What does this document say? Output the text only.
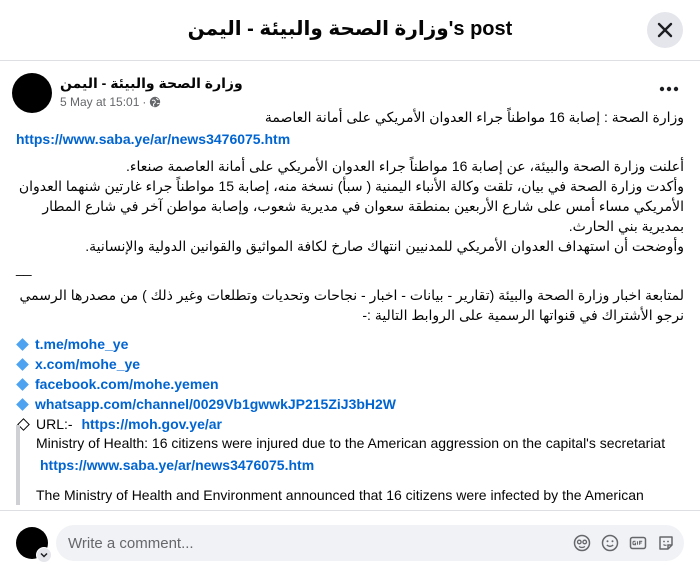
وزارة الصحة والبيئة - اليمن's post
وزارة الصحة والبيئة - اليمن
5 May at 15:01 ·
وزارة الصحة : إصابة 16 مواطناً جراء العدوان الأمريكي على أمانة العاصمة
https://www.saba.ye/ar/news3476075.htm
أعلنت وزارة الصحة والبيئة، عن إصابة 16 مواطناً جراء العدوان الأمريكي على أمانة العاصمة صنعاء.
وأكدت وزارة الصحة في بيان، تلقت وكالة الأنباء اليمنية ( سبأ) نسخة منه، إصابة 15 مواطناً جراء غارتين شنهما العدوان الأمريكي مساء أمس على شارع الأربعين بمنطقة سعوان في مديرية شعوب، وإصابة مواطن آخر في شارع المطار بمديرية بني الحارث.
وأوضحت أن استهداف العدوان الأمريكي للمدنيين انتهاك صارخ لكافة المواثيق والقوانين الدولية والإنسانية.
__
لمتابعة اخبار وزارة الصحة والبيئة (تقارير - بيانات - اخبار - نجاحات وتحديات وتطلعات وغير ذلك ) من مصدرها الرسمي نرجو الأشتراك في قنواتها الرسمية على الروابط التالية :-
t.me/mohe_ye
x.com/mohe_ye
facebook.com/mohe.yemen
whatsapp.com/channel/0029Vb1gwwkJP215ZiJ3bH2W
URL:- https://moh.gov.ye/ar
Ministry of Health: 16 citizens were injured due to the American aggression on the capital's secretariat
https://www.saba.ye/ar/news3476075.htm
The Ministry of Health and Environment announced that 16 citizens were infected by the American
Write a comment...
